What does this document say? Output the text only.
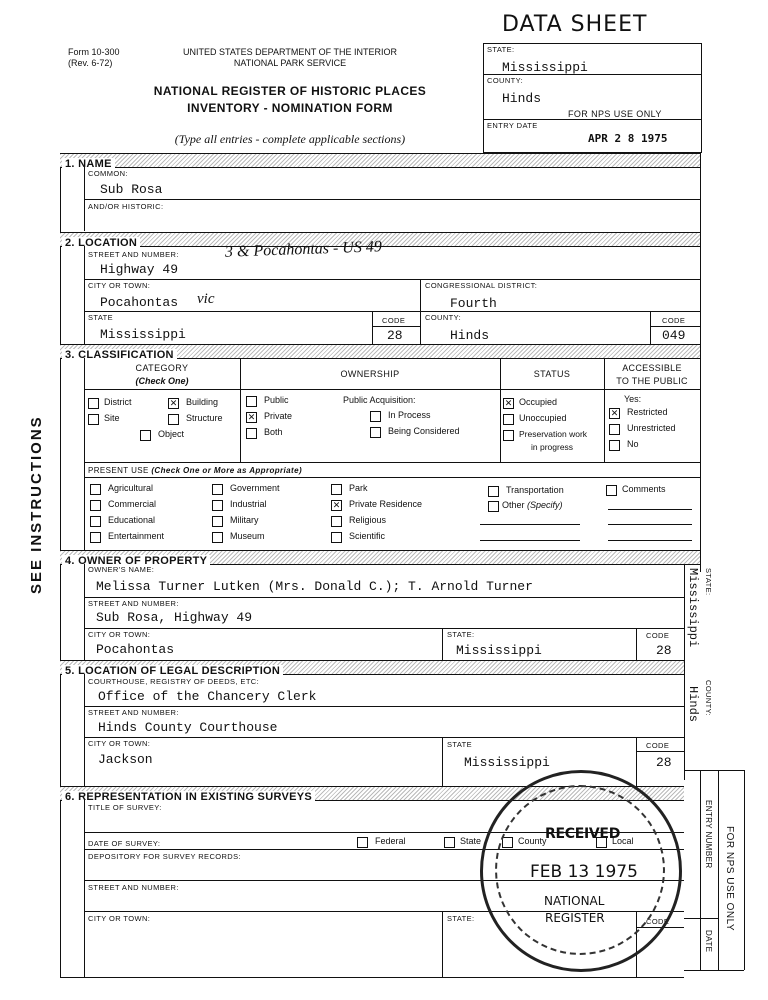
Form 10-300
(Rev. 6-72)
UNITED STATES DEPARTMENT OF THE INTERIOR
NATIONAL PARK SERVICE
NATIONAL REGISTER OF HISTORIC PLACES
INVENTORY - NOMINATION FORM
(Type all entries - complete applicable sections)
DATA SHEET
STATE:
Mississippi
COUNTY:
Hinds
FOR NPS USE ONLY
ENTRY DATE
APR 2 8 1975
SEE INSTRUCTIONS
1. NAME
COMMON:
Sub Rosa
AND/OR HISTORIC:
2. LOCATION
STREET AND NUMBER:	3 & Pocahontas - US 49
Highway 49
CITY OR TOWN:
Pocahontas vic
CONGRESSIONAL DISTRICT:
Fourth
STATE
Mississippi
CODE
28
COUNTY:
Hinds
CODE
049
3. CLASSIFICATION
CATEGORY
(Check One)
OWNERSHIP	STATUS
ACCESSIBLE
TO THE PUBLIC
District	✕ Building
Site	Structure
Object
Public
✕ Private
Both
Public Acquisition:
In Process
Being Considered
✕ Occupied
Unoccupied
Preservation work
in progress
Yes:
✕ Restricted
Unrestricted
No
PRESENT USE (Check One or More as Appropriate)
Agricultural
Commercial
Educational
Entertainment
Government
Industrial
Military
Museum
Park
✕ Private Residence
Religious
Scientific
Transportation
Other (Specify)
Comments
4. OWNER OF PROPERTY
OWNER'S NAME:
Melissa Turner Lutken (Mrs. Donald C.); T. Arnold Turner
STREET AND NUMBER:
Sub Rosa, Highway 49
CITY OR TOWN:
Pocahontas
STATE:
Mississippi
CODE
28
STATE:
Mississippi
5. LOCATION OF LEGAL DESCRIPTION
COURTHOUSE, REGISTRY OF DEEDS, ETC:
Office of the Chancery Clerk
STREET AND NUMBER:
Hinds County Courthouse
CITY OR TOWN:
Jackson
STATE
Mississippi
CODE
28
COUNTY:
Hinds
6. REPRESENTATION IN EXISTING SURVEYS
TITLE OF SURVEY:
DATE OF SURVEY:	Federal	State	County	Local
DEPOSITORY FOR SURVEY RECORDS:
STREET AND NUMBER:
CITY OR TOWN:	STATE:	CODE
ENTRY NUMBER
DATE
FOR NPS USE ONLY
RECEIVED
FEB 13 1975
NATIONAL
REGISTER
